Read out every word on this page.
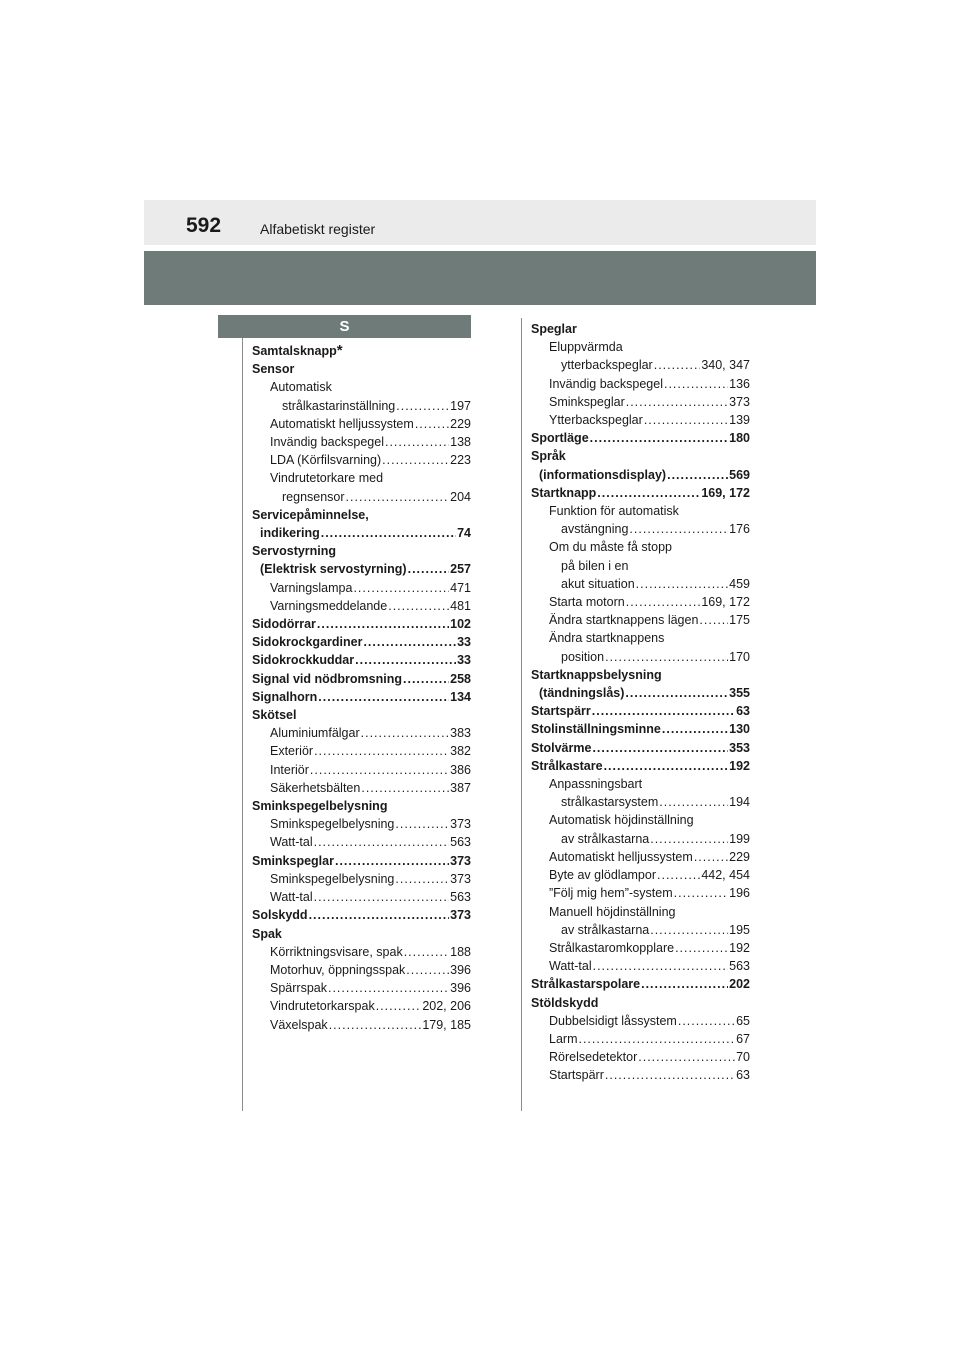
592	Alfabetiskt register
S
Samtalsknapp *
Sensor
Automatisk
strålkastarinställning .....	197
Automatiskt helljussystem .....	229
Invändig backspegel .....	138
LDA (Körfilsvarning) .....	223
Vindrutetorkare med
regnsensor .....	204
Servicepåminnelse,
indikering .....	74
Servostyrning
(Elektrisk servostyrning) .....	257
Varningslampa .....	471
Varningsmeddelande .....	481
Sidodörrar .....	102
Sidokrockgardiner .....	33
Sidokrockkuddar .....	33
Signal vid nödbromsning .....	258
Signalhorn .....	134
Skötsel
Aluminiumfälgar .....	383
Exteriör .....	382
Interiör .....	386
Säkerhetsbälten .....	387
Sminkspegelbelysning
Sminkspegelbelysning .....	373
Watt-tal .....	563
Sminkspeglar .....	373
Sminkspegelbelysning .....	373
Watt-tal .....	563
Solskydd .....	373
Spak
Körriktningsvisare, spak .....	188
Motorhuv, öppningsspak .....	396
Spärrspak .....	396
Vindrutetorkarspak .....	202, 206
Växelspak .....	179, 185
Speglar
Eluppvärmda
ytterbackspeglar .....	340, 347
Invändig backspegel .....	136
Sminkspeglar .....	373
Ytterbackspeglar .....	139
Sportläge .....	180
Språk
(informationsdisplay) .....	569
Startknapp .....	169, 172
Funktion för automatisk
avstängning .....	176
Om du måste få stopp
på bilen i en
akut situation .....	459
Starta motorn .....	169, 172
Ändra startknappens lägen ..... 175
Ändra startknappens
position .....	170
Startknappsbelysning
(tändningslås) .....	355
Startspärr .....	63
Stolinställningsminne .....	130
Stolvärme .....	353
Strålkastare .....	192
Anpassningsbart
strålkastarsystem .....	194
Automatisk höjdinställning
av strålkastarna .....	199
Automatiskt helljussystem .....	229
Byte av glödlampor .....	442, 454
”Följ mig hem”-system .....	196
Manuell höjdinställning
av strålkastarna .....	195
Strålkastaromkopplare .....	192
Watt-tal .....	563
Strålkastarspolare .....	202
Stöldskydd
Dubbelsidigt låssystem .....	65
Larm .....	67
Rörelsedetektor .....	70
Startspärr .....	63
